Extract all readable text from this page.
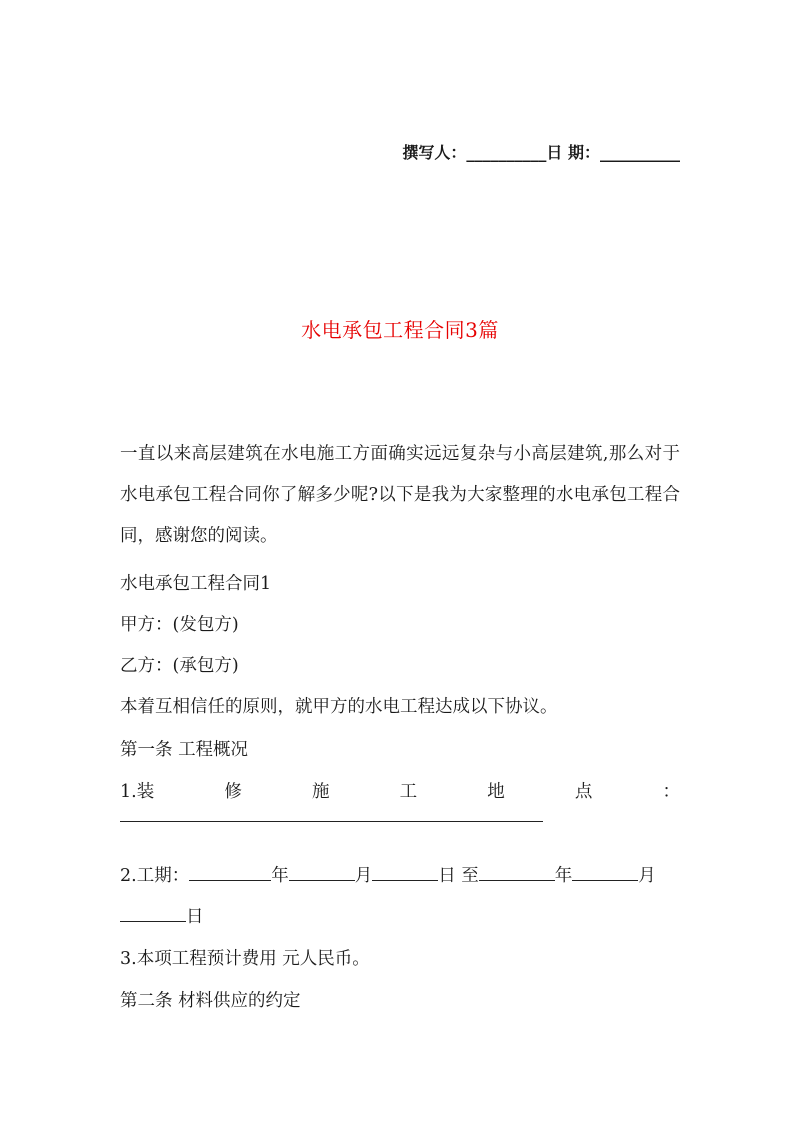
撰写人：__________日 期：__________
水电承包工程合同3篇

一直以来高层建筑在水电施工方面确实远远复杂与小高层建筑,那么对于水电承包工程合同你了解多少呢?以下是我为大家整理的水电承包工程合同，感谢您的阅读。

水电承包工程合同1
甲方：(发包方)
乙方：(承包方)
本着互相信任的原则，就甲方的水电工程达成以下协议。
第一条 工程概况
1.装	修	施	工	地	点	：
2.工期：	年	月	日 至	年	月
日
3.本项工程预计费用 元人民币。
第二条 材料供应的约定
